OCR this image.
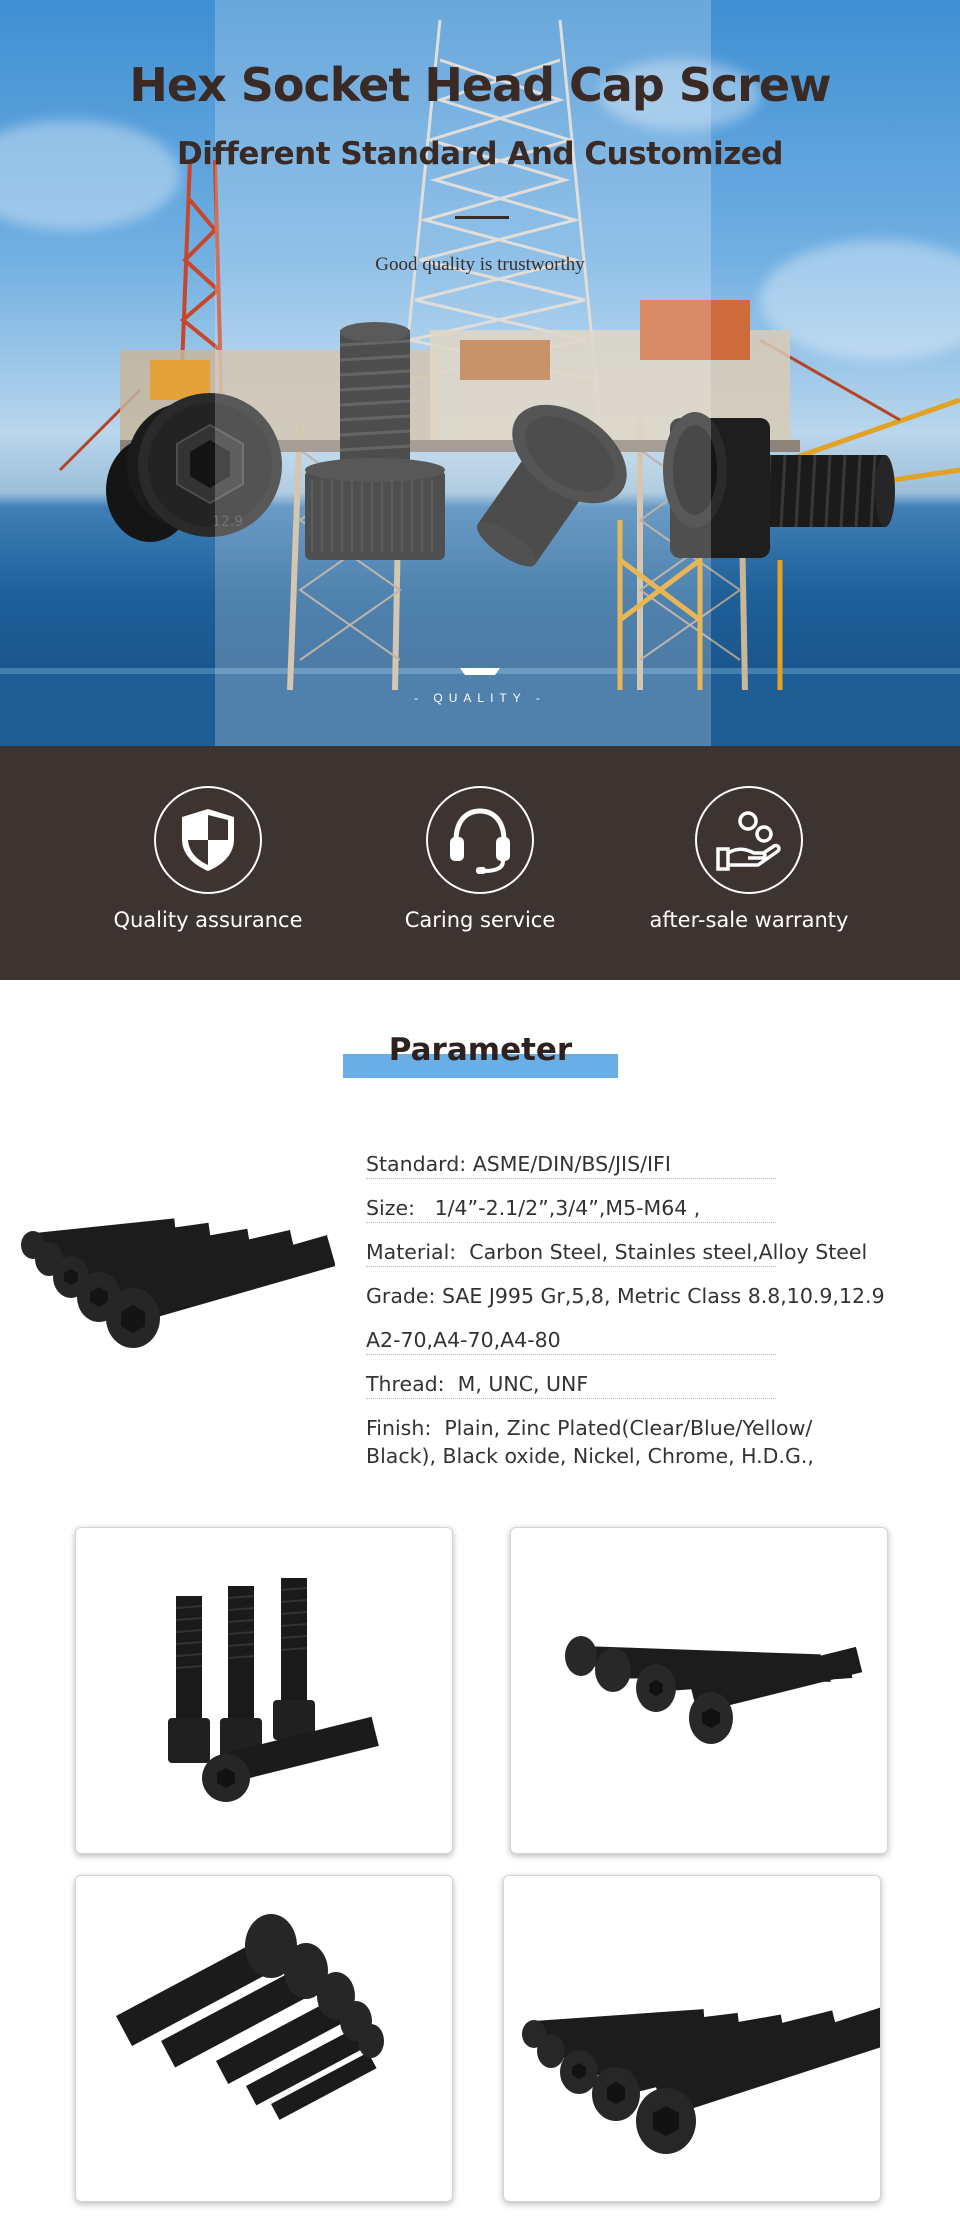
12.9
Hex Socket Head Cap Screw
Different Standard And Customized
Good quality is trustworthy
- QUALITY -
Quality assurance	Caring service	after-sale warranty
Parameter
Standard: ASME/DIN/BS/JIS/IFI
Size: 1/4”-2.1/2”,3/4”,M5-M64 ,
Material: Carbon Steel, Stainles steel,Alloy Steel
Grade: SAE J995 Gr,5,8, Metric Class 8.8,10.9,12.9
A2-70,A4-70,A4-80
Thread: M, UNC, UNF
Finish: Plain, Zinc Plated(Clear/Blue/Yellow/ Black), Black oxide, Nickel, Chrome, H.D.G.,
